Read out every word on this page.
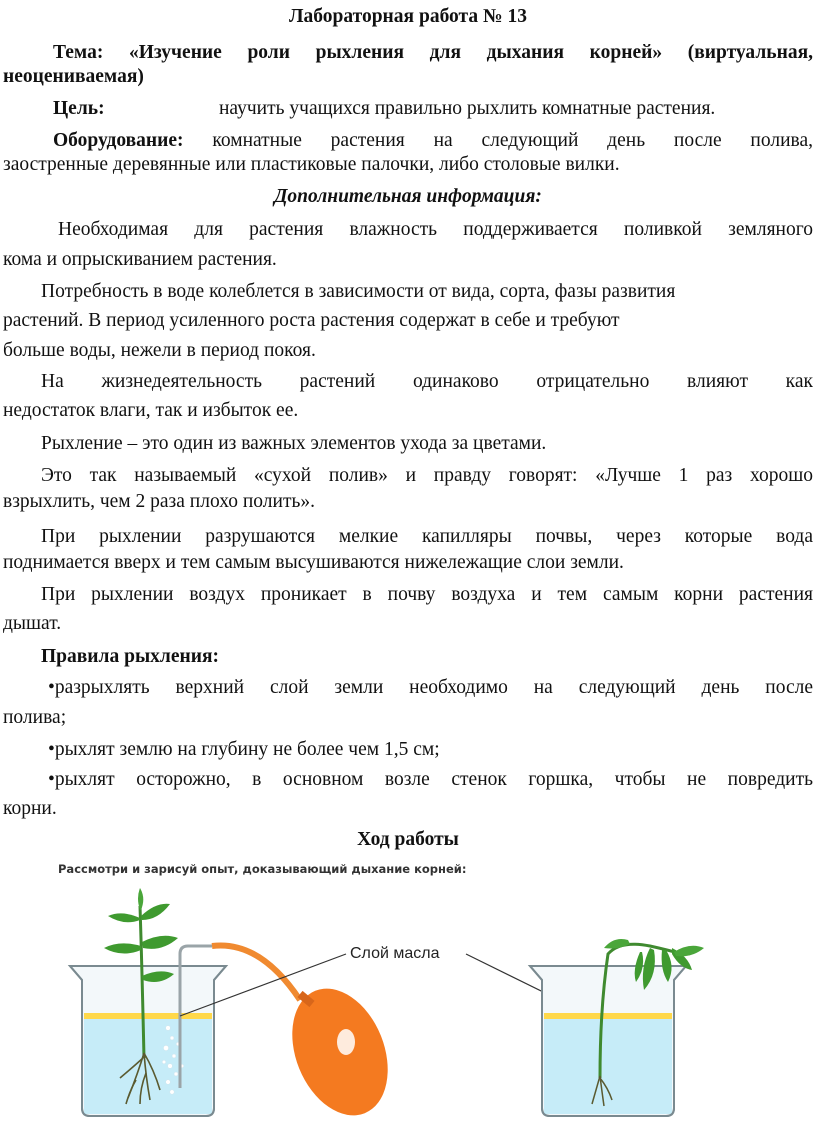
Лабораторная работа № 13
Тема: «Изучение роли рыхления для дыхания корней» (виртуальная,
неоцениваемая)
Цель:	научить учащихся правильно рыхлить комнатные растения.
Оборудование: комнатные растения на следующий день после полива,
заостренные деревянные или пластиковые палочки, либо столовые вилки.
Дополнительная информация:
Необходимая для растения влажность поддерживается поливкой земляного
кома и опрыскиванием растения.
Потребность в воде колеблется в зависимости от вида, сорта, фазы развития
растений. В период усиленного роста растения содержат в себе и требуют
больше воды, нежели в период покоя.
На жизнедеятельность растений одинаково отрицательно влияют как
недостаток влаги, так и избыток ее.
Рыхление – это один из важных элементов ухода за цветами.
Это так называемый «сухой полив» и правду говорят: «Лучше 1 раз хорошо
взрыхлить, чем 2 раза плохо полить».
При рыхлении разрушаются мелкие капилляры почвы, через которые вода
поднимается вверх и тем самым высушиваются нижележащие слои земли.
При рыхлении воздух проникает в почву воздуха и тем самым корни растения
дышат.
Правила рыхления:
•разрыхлять верхний слой земли необходимо на следующий день после
полива;
•рыхлят землю на глубину не более чем 1,5 см;
•рыхлят осторожно, в основном возле стенок горшка, чтобы не повредить
корни.
Ход работы
Рассмотри и зарисуй опыт, доказывающий дыхание корней:
Слой масла
